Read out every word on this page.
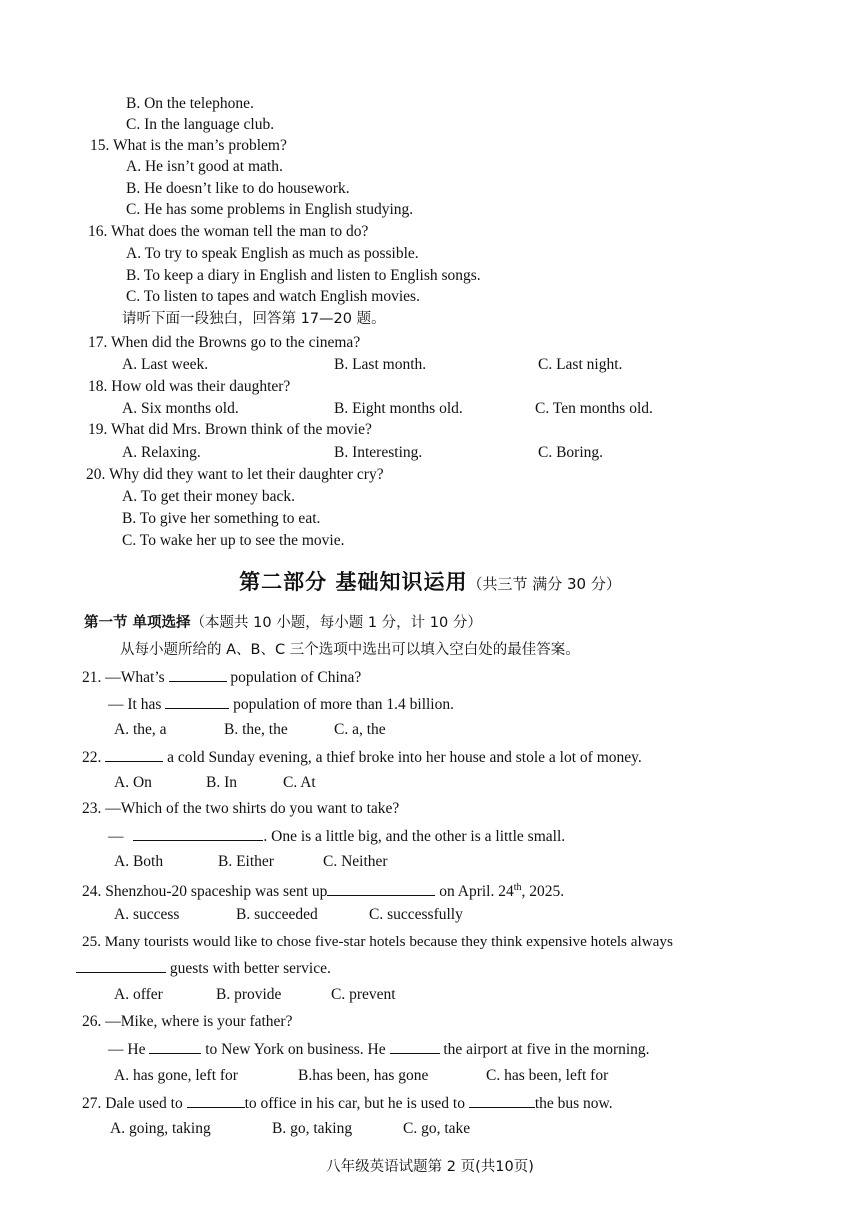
B. On the telephone.
C. In the language club.
15. What is the man’s problem?
A. He isn’t good at math.
B. He doesn’t like to do housework.
C. He has some problems in English studying.
16. What does the woman tell the man to do?
A. To try to speak English as much as possible.
B. To keep a diary in English and listen to English songs.
C. To listen to tapes and watch English movies.
请听下面一段独白，回答第 17—20 题。
17. When did the Browns go to the cinema?
A. Last week.	B. Last month.	C. Last night.
18. How old was their daughter?
A. Six months old.	B. Eight months old.	C. Ten months old.
19. What did Mrs. Brown think of the movie?
A. Relaxing.	B. Interesting.	C. Boring.
20. Why did they want to let their daughter cry?
A. To get their money back.
B. To give her something to eat.
C. To wake her up to see the movie.
第二部分 基础知识运用（共三节 满分 30 分）
第一节 单项选择（本题共 10 小题，每小题 1 分，计 10 分）
从每小题所给的 A、B、C 三个选项中选出可以填入空白处的最佳答案。
21. —What’s	population of China?
— It has	population of more than 1.4 billion.
A. the, a	B. the, the	C. a, the
22.	a cold Sunday evening, a thief broke into her house and stole a lot of money.
A. On	B. In	C. At
23. —Which of the two shirts do you want to take?
—	. One is a little big, and the other is a little small.
A. Both	B. Either	C. Neither
24. Shenzhou-20 spaceship was sent up	on April. 24th, 2025.
A. success	B. succeeded	C. successfully
25. Many tourists would like to chose five-star hotels because they think expensive hotels always
guests with better service.
A. offer	B. provide	C. prevent
26. —Mike, where is your father?
— He	to New York on business. He	the airport at five in the morning.
A. has gone, left for	B.has been, has gone	C. has been, left for
27. Dale used to	to office in his car, but he is used to	the bus now.
A. going, taking	B. go, taking	C. go, take
八年级英语试题第 2 页(共10页)
